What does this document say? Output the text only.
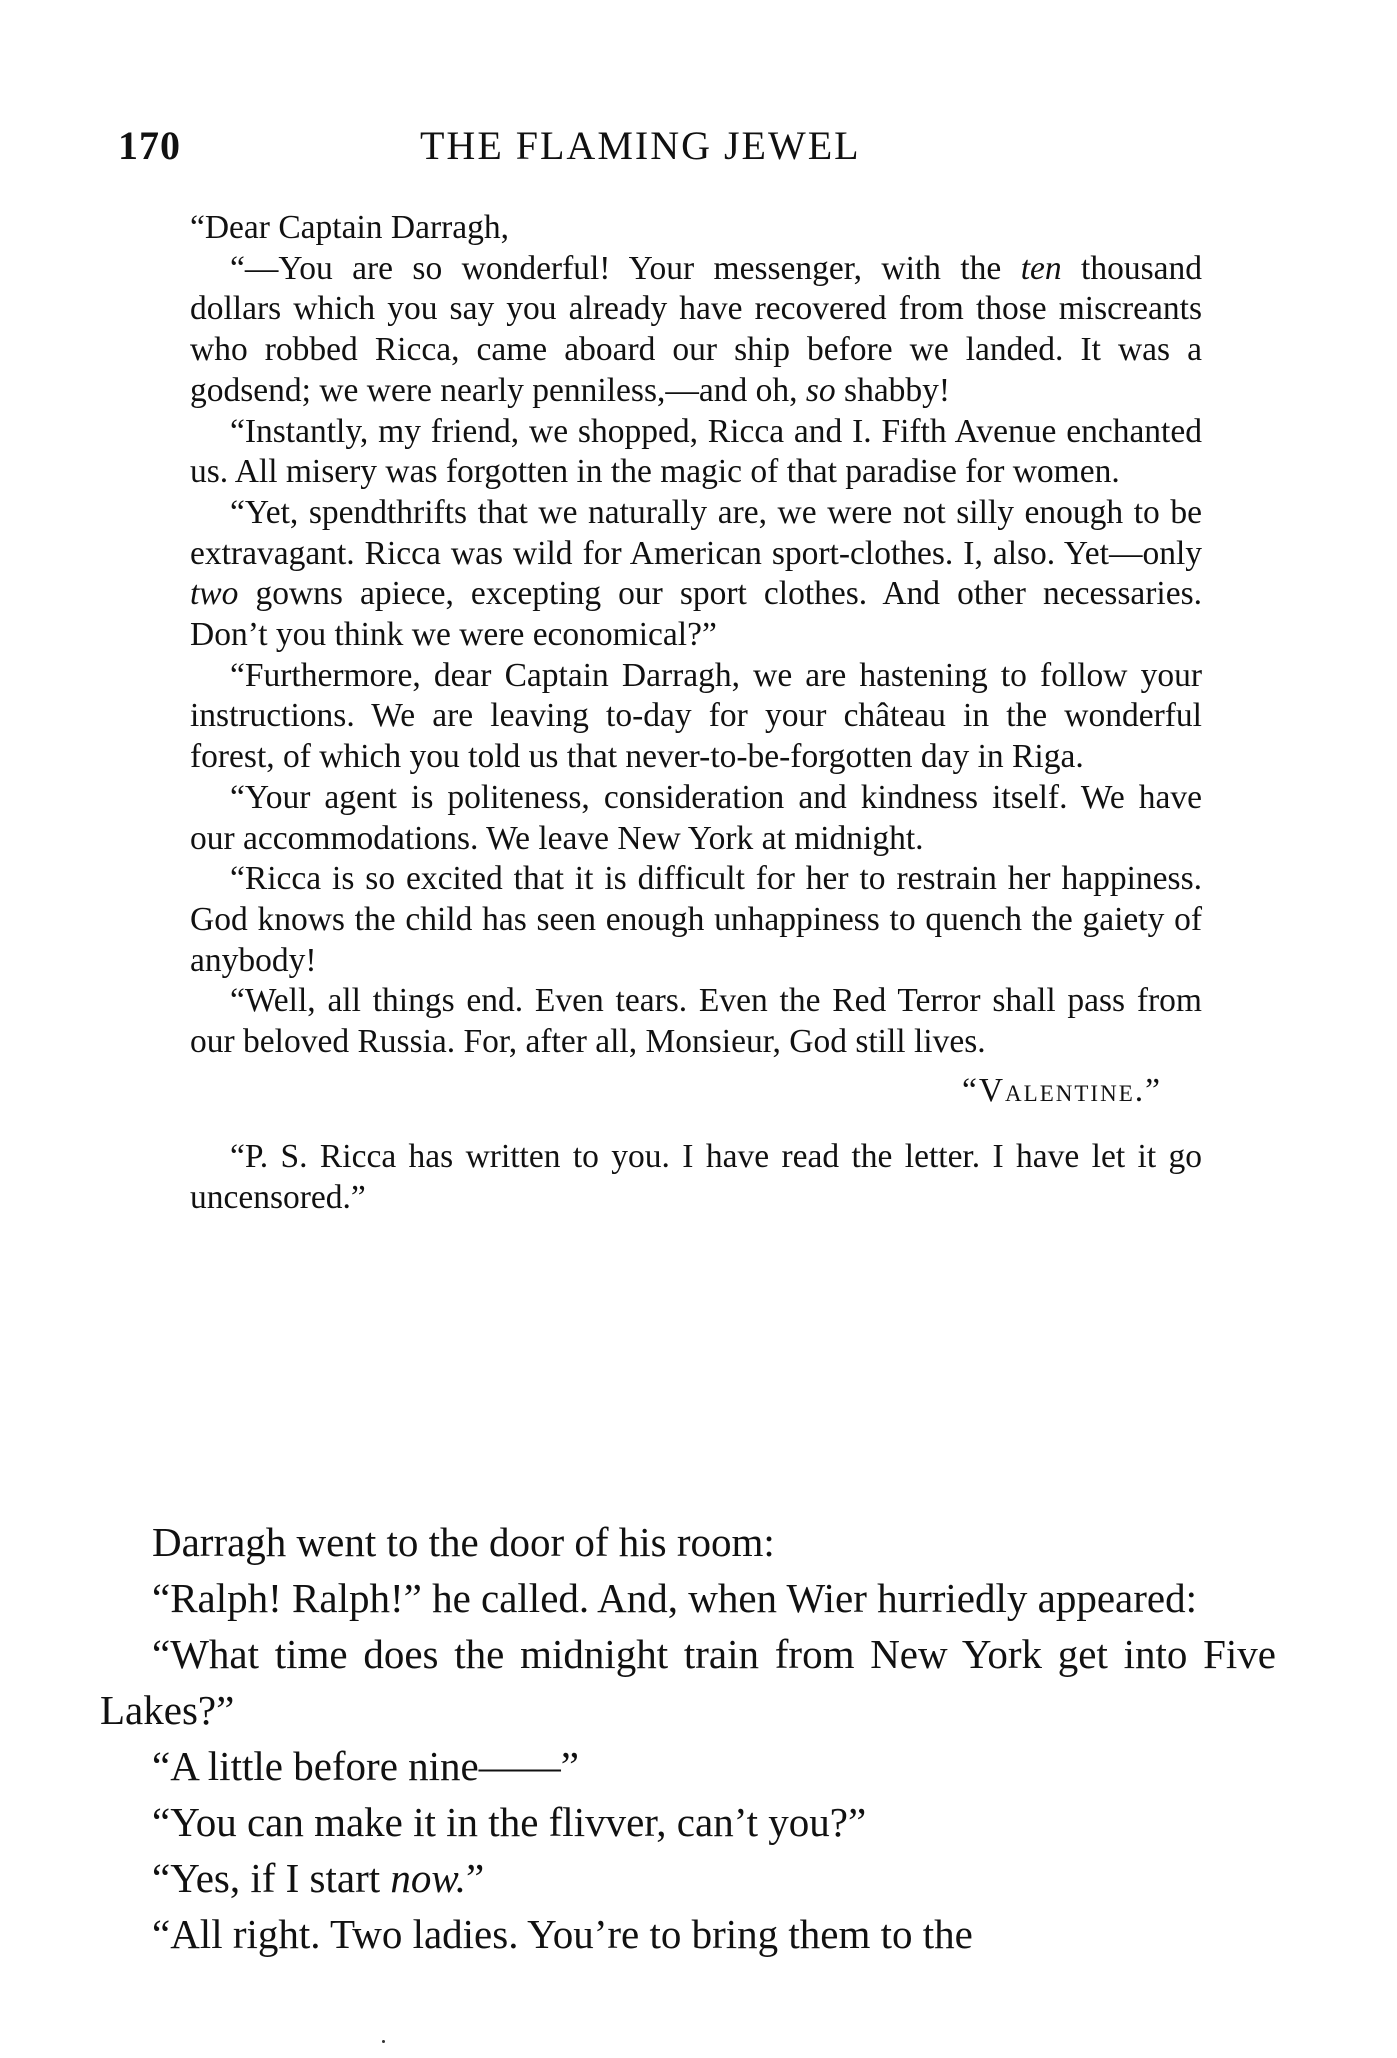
170	THE FLAMING JEWEL

“Dear Captain Darragh,

“—You are so wonderful! Your messenger, with the ten thousand dollars which you say you already have recovered from those miscreants who robbed Ricca, came aboard our ship before we landed. It was a godsend; we were nearly penniless,—and oh, so shabby!

“Instantly, my friend, we shopped, Ricca and I. Fifth Avenue enchanted us. All misery was forgotten in the magic of that paradise for women.

“Yet, spendthrifts that we naturally are, we were not silly enough to be extravagant. Ricca was wild for American sport-clothes. I, also. Yet—only two gowns apiece, excepting our sport clothes. And other necessaries. Don’t you think we were economical?”

“Furthermore, dear Captain Darragh, we are hastening to follow your instructions. We are leaving to-day for your château in the wonderful forest, of which you told us that never-to-be-forgotten day in Riga.

“Your agent is politeness, consideration and kindness itself. We have our accommodations. We leave New York at midnight.

“Ricca is so excited that it is difficult for her to restrain her happiness. God knows the child has seen enough unhappiness to quench the gaiety of anybody!

“Well, all things end. Even tears. Even the Red Terror shall pass from our beloved Russia. For, after all, Monsieur, God still lives.

“Valentine.”

“P. S. Ricca has written to you. I have read the letter. I have let it go uncensored.”

Darragh went to the door of his room:

“Ralph! Ralph!” he called. And, when Wier hurriedly appeared:

“What time does the midnight train from New York get into Five Lakes?”

“A little before nine——”

“You can make it in the flivver, can’t you?”

“Yes, if I start now.”

“All right. Two ladies. You’re to bring them to the
